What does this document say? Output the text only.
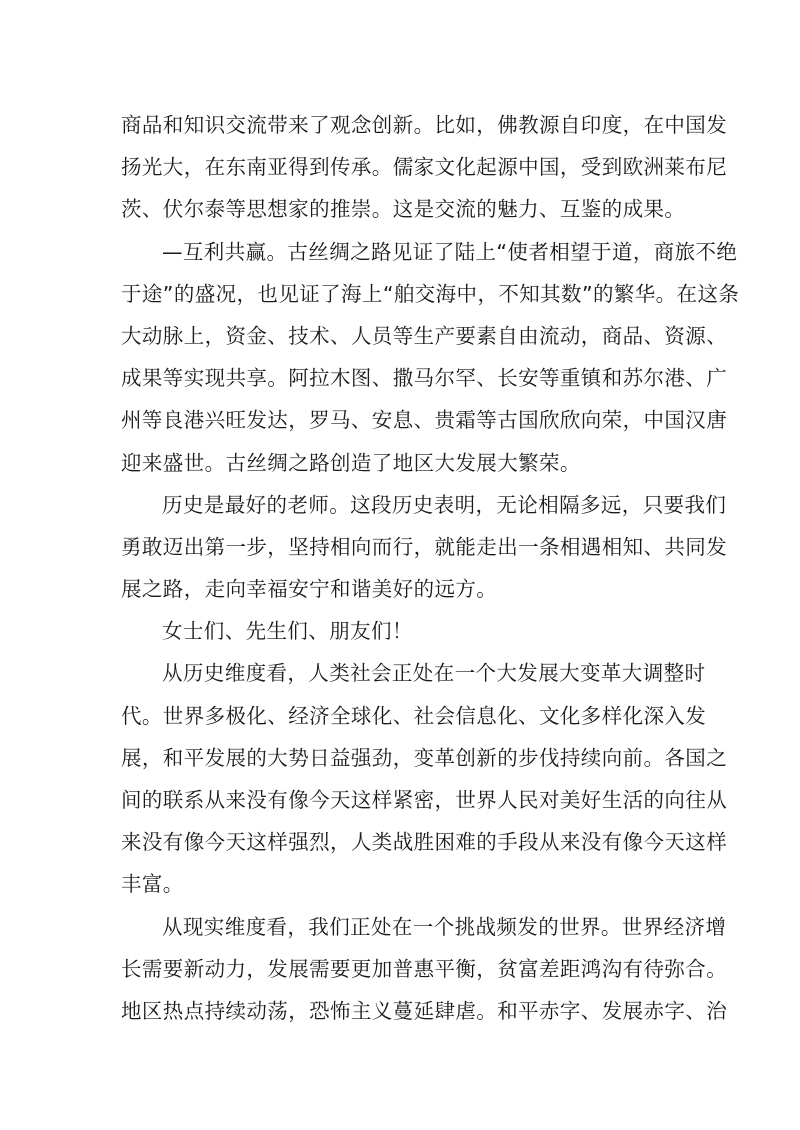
商品和知识交流带来了观念创新。比如，佛教源自印度，在中国发
扬光大，在东南亚得到传承。儒家文化起源中国，受到欧洲莱布尼
茨、伏尔泰等思想家的推崇。这是交流的魅力、互鉴的成果。
—互利共赢。古丝绸之路见证了陆上“使者相望于道，商旅不绝
于途”的盛况，也见证了海上“舶交海中，不知其数”的繁华。在这条
大动脉上，资金、技术、人员等生产要素自由流动，商品、资源、
成果等实现共享。阿拉木图、撒马尔罕、长安等重镇和苏尔港、广
州等良港兴旺发达，罗马、安息、贵霜等古国欣欣向荣，中国汉唐
迎来盛世。古丝绸之路创造了地区大发展大繁荣。
历史是最好的老师。这段历史表明，无论相隔多远，只要我们
勇敢迈出第一步，坚持相向而行，就能走出一条相遇相知、共同发
展之路，走向幸福安宁和谐美好的远方。
女士们、先生们、朋友们！
从历史维度看，人类社会正处在一个大发展大变革大调整时
代。世界多极化、经济全球化、社会信息化、文化多样化深入发
展，和平发展的大势日益强劲，变革创新的步伐持续向前。各国之
间的联系从来没有像今天这样紧密，世界人民对美好生活的向往从
来没有像今天这样强烈，人类战胜困难的手段从来没有像今天这样
丰富。
从现实维度看，我们正处在一个挑战频发的世界。世界经济增
长需要新动力，发展需要更加普惠平衡，贫富差距鸿沟有待弥合。
地区热点持续动荡，恐怖主义蔓延肆虐。和平赤字、发展赤字、治
